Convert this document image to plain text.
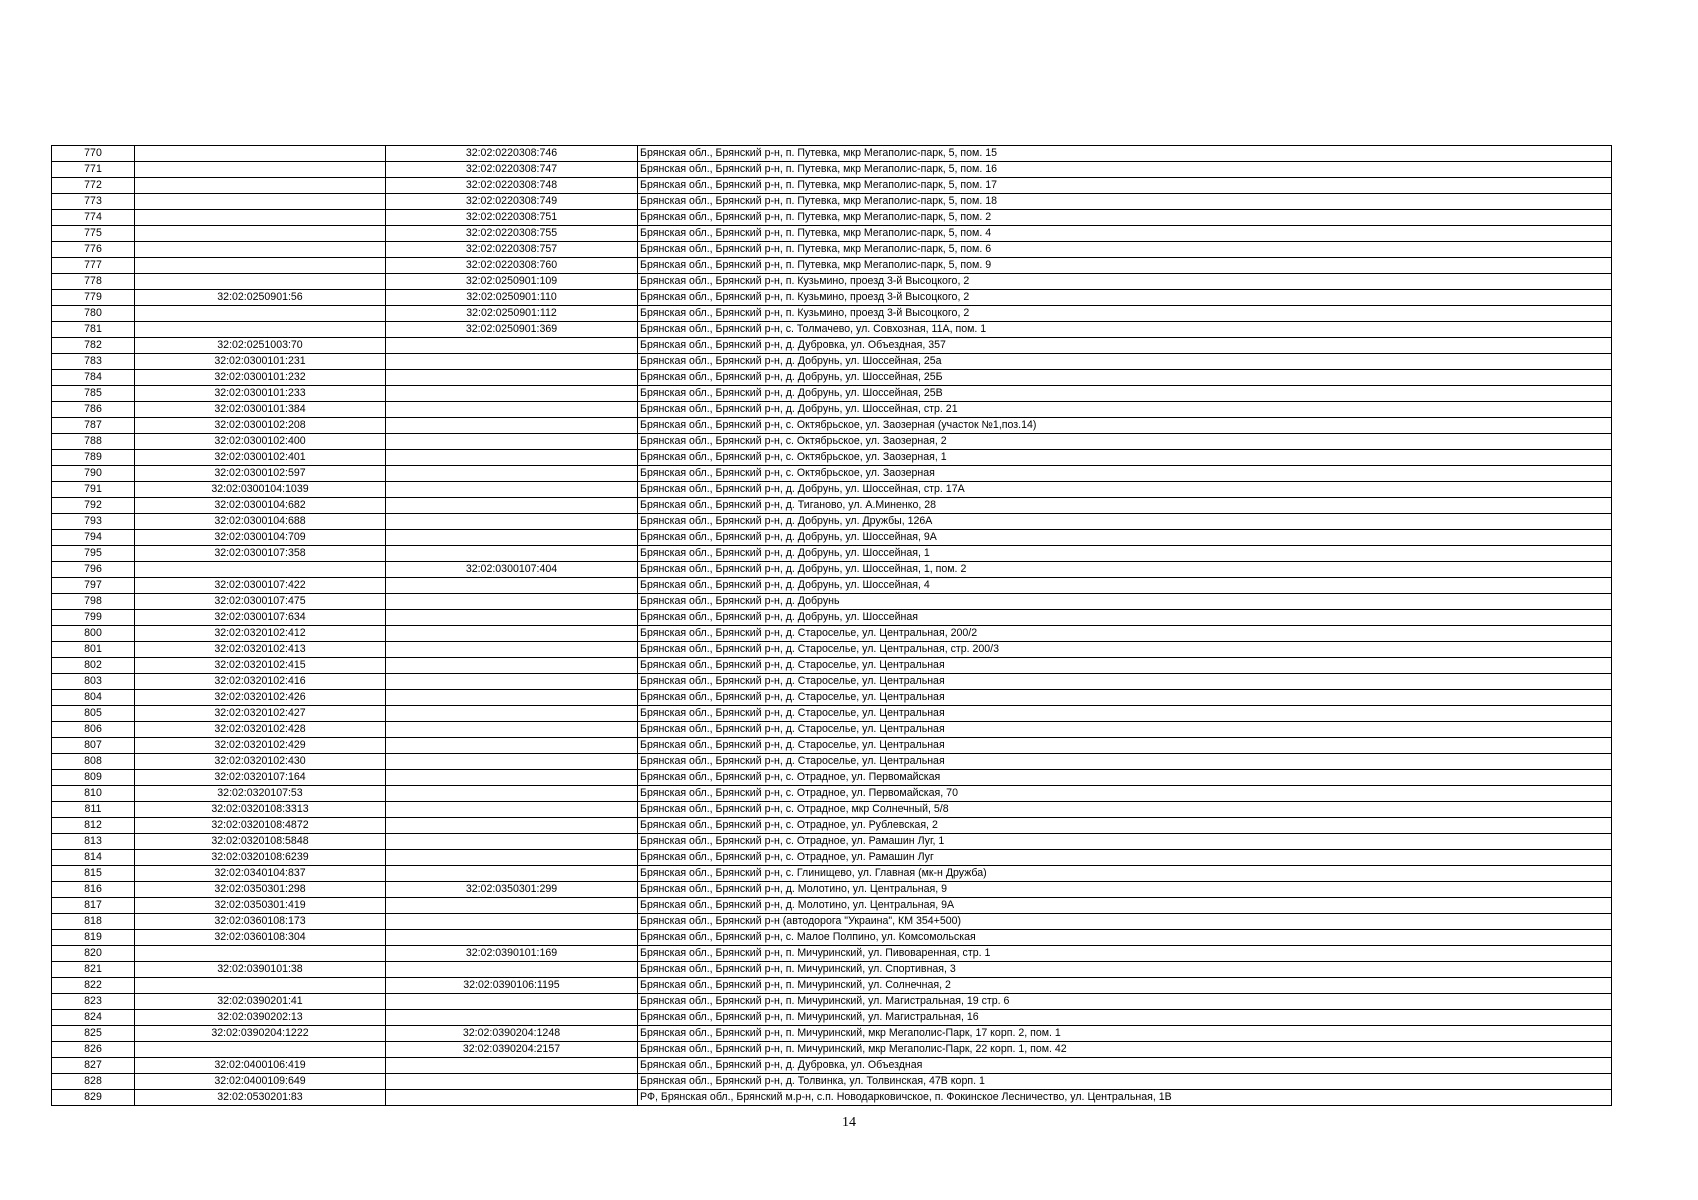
770		32:02:0220308:746	Брянская обл., Брянский р-н, п. Путевка, мкр Мегаполис-парк, 5, пом. 15
771		32:02:0220308:747	Брянская обл., Брянский р-н, п. Путевка, мкр Мегаполис-парк, 5, пом. 16
772		32:02:0220308:748	Брянская обл., Брянский р-н, п. Путевка, мкр Мегаполис-парк, 5, пом. 17
773		32:02:0220308:749	Брянская обл., Брянский р-н, п. Путевка, мкр Мегаполис-парк, 5, пом. 18
774		32:02:0220308:751	Брянская обл., Брянский р-н, п. Путевка, мкр Мегаполис-парк, 5, пом. 2
775		32:02:0220308:755	Брянская обл., Брянский р-н, п. Путевка, мкр Мегаполис-парк, 5, пом. 4
776		32:02:0220308:757	Брянская обл., Брянский р-н, п. Путевка, мкр Мегаполис-парк, 5, пом. 6
777		32:02:0220308:760	Брянская обл., Брянский р-н, п. Путевка, мкр Мегаполис-парк, 5, пом. 9
778		32:02:0250901:109	Брянская обл., Брянский р-н, п. Кузьмино, проезд 3-й Высоцкого, 2
779	32:02:0250901:56	32:02:0250901:110	Брянская обл., Брянский р-н, п. Кузьмино, проезд 3-й Высоцкого, 2
780		32:02:0250901:112	Брянская обл., Брянский р-н, п. Кузьмино, проезд 3-й Высоцкого, 2
781		32:02:0250901:369	Брянская обл., Брянский р-н, с. Толмачево, ул. Совхозная, 11А, пом. 1
782	32:02:0251003:70		Брянская обл., Брянский р-н, д. Дубровка, ул. Объездная, 357
783	32:02:0300101:231		Брянская обл., Брянский р-н, д. Добрунь, ул. Шоссейная, 25а
784	32:02:0300101:232		Брянская обл., Брянский р-н, д. Добрунь, ул. Шоссейная, 25Б
785	32:02:0300101:233		Брянская обл., Брянский р-н, д. Добрунь, ул. Шоссейная, 25В
786	32:02:0300101:384		Брянская обл., Брянский р-н, д. Добрунь, ул. Шоссейная, стр. 21
787	32:02:0300102:208		Брянская обл., Брянский р-н, с. Октябрьское, ул. Заозерная (участок №1,поз.14)
788	32:02:0300102:400		Брянская обл., Брянский р-н, с. Октябрьское, ул. Заозерная, 2
789	32:02:0300102:401		Брянская обл., Брянский р-н, с. Октябрьское, ул. Заозерная, 1
790	32:02:0300102:597		Брянская обл., Брянский р-н, с. Октябрьское, ул. Заозерная
791	32:02:0300104:1039		Брянская обл., Брянский р-н, д. Добрунь, ул. Шоссейная, стр. 17А
792	32:02:0300104:682		Брянская обл., Брянский р-н, д. Тиганово, ул. А.Миненко, 28
793	32:02:0300104:688		Брянская обл., Брянский р-н, д. Добрунь, ул. Дружбы, 126А
794	32:02:0300104:709		Брянская обл., Брянский р-н, д. Добрунь, ул. Шоссейная, 9А
795	32:02:0300107:358		Брянская обл., Брянский р-н, д. Добрунь, ул. Шоссейная, 1
796		32:02:0300107:404	Брянская обл., Брянский р-н, д. Добрунь, ул. Шоссейная, 1, пом. 2
797	32:02:0300107:422		Брянская обл., Брянский р-н, д. Добрунь, ул. Шоссейная, 4
798	32:02:0300107:475		Брянская обл., Брянский р-н, д. Добрунь
799	32:02:0300107:634		Брянская обл., Брянский р-н, д. Добрунь, ул. Шоссейная
800	32:02:0320102:412		Брянская обл., Брянский р-н, д. Староселье, ул. Центральная, 200/2
801	32:02:0320102:413		Брянская обл., Брянский р-н, д. Староселье, ул. Центральная, стр. 200/3
802	32:02:0320102:415		Брянская обл., Брянский р-н, д. Староселье, ул. Центральная
803	32:02:0320102:416		Брянская обл., Брянский р-н, д. Староселье, ул. Центральная
804	32:02:0320102:426		Брянская обл., Брянский р-н, д. Староселье, ул. Центральная
805	32:02:0320102:427		Брянская обл., Брянский р-н, д. Староселье, ул. Центральная
806	32:02:0320102:428		Брянская обл., Брянский р-н, д. Староселье, ул. Центральная
807	32:02:0320102:429		Брянская обл., Брянский р-н, д. Староселье, ул. Центральная
808	32:02:0320102:430		Брянская обл., Брянский р-н, д. Староселье, ул. Центральная
809	32:02:0320107:164		Брянская обл., Брянский р-н, с. Отрадное, ул. Первомайская
810	32:02:0320107:53		Брянская обл., Брянский р-н, с. Отрадное, ул. Первомайская, 70
811	32:02:0320108:3313		Брянская обл., Брянский р-н, с. Отрадное, мкр Солнечный, 5/8
812	32:02:0320108:4872		Брянская обл., Брянский р-н, с. Отрадное, ул. Рублевская, 2
813	32:02:0320108:5848		Брянская обл., Брянский р-н, с. Отрадное, ул. Рамашин Луг, 1
814	32:02:0320108:6239		Брянская обл., Брянский р-н, с. Отрадное, ул. Рамашин Луг
815	32:02:0340104:837		Брянская обл., Брянский р-н, с. Глинищево, ул. Главная (мк-н Дружба)
816	32:02:0350301:298	32:02:0350301:299	Брянская обл., Брянский р-н, д. Молотино, ул. Центральная, 9
817	32:02:0350301:419		Брянская обл., Брянский р-н, д. Молотино, ул. Центральная, 9А
818	32:02:0360108:173		Брянская обл., Брянский р-н (автодорога "Украина", КМ 354+500)
819	32:02:0360108:304		Брянская обл., Брянский р-н, с. Малое Полпино, ул. Комсомольская
820		32:02:0390101:169	Брянская обл., Брянский р-н, п. Мичуринский, ул. Пивоваренная, стр. 1
821	32:02:0390101:38		Брянская обл., Брянский р-н, п. Мичуринский, ул. Спортивная, 3
822		32:02:0390106:1195	Брянская обл., Брянский р-н, п. Мичуринский, ул. Солнечная, 2
823	32:02:0390201:41		Брянская обл., Брянский р-н, п. Мичуринский, ул. Магистральная, 19 стр. 6
824	32:02:0390202:13		Брянская обл., Брянский р-н, п. Мичуринский, ул. Магистральная, 16
825	32:02:0390204:1222	32:02:0390204:1248	Брянская обл., Брянский р-н, п. Мичуринский, мкр Мегаполис-Парк, 17 корп. 2, пом. 1
826		32:02:0390204:2157	Брянская обл., Брянский р-н, п. Мичуринский, мкр Мегаполис-Парк, 22 корп. 1, пом. 42
827	32:02:0400106:419		Брянская обл., Брянский р-н, д. Дубровка, ул. Объездная
828	32:02:0400109:649		Брянская обл., Брянский р-н, д. Толвинка, ул. Толвинская, 47В корп. 1
829	32:02:0530201:83		РФ, Брянская обл., Брянский м.р-н, с.п. Новодарковичское, п. Фокинское Лесничество, ул. Центральная, 1В
14
